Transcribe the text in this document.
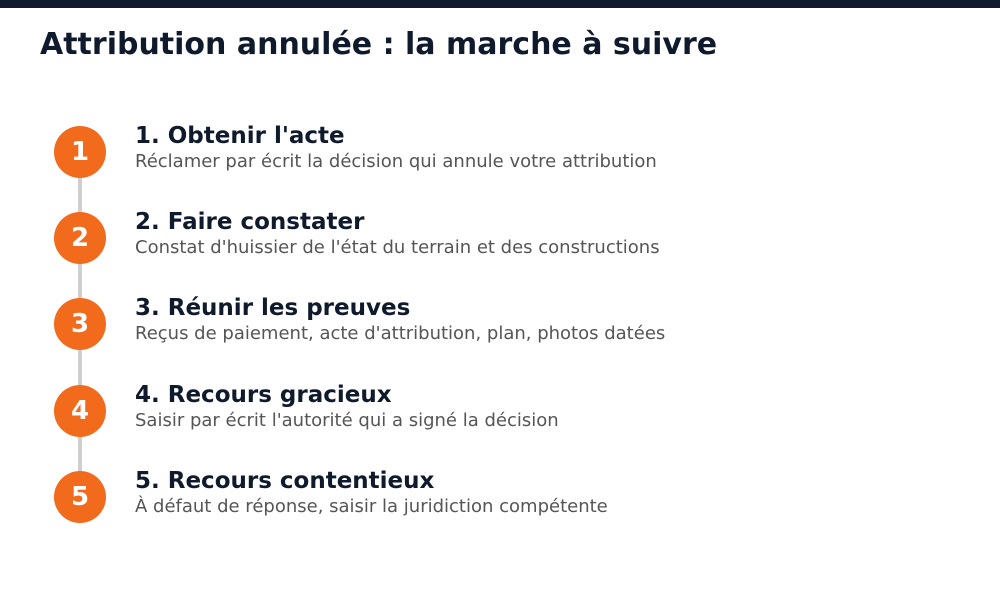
Attribution annulée : la marche à suivre
1
1. Obtenir l'acte
Réclamer par écrit la décision qui annule votre attribution
2
2. Faire constater
Constat d'huissier de l'état du terrain et des constructions
3
3. Réunir les preuves
Reçus de paiement, acte d'attribution, plan, photos datées
4
4. Recours gracieux
Saisir par écrit l'autorité qui a signé la décision
5
5. Recours contentieux
À défaut de réponse, saisir la juridiction compétente
